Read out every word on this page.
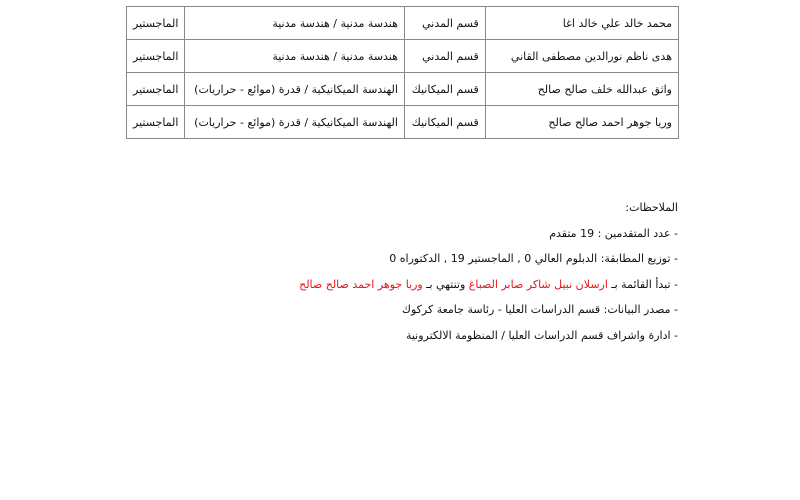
محمد خالد علي خالد اغا	قسم المدني	هندسة مدنية / هندسة مدنية	الماجستير
هدى ناظم نورالدين مصطفى القاني	قسم المدني	هندسة مدنية / هندسة مدنية	الماجستير
واثق عبدالله خلف صالح صالح	قسم الميكانيك	الهندسة الميكانيكية / قدرة (موائع - حراريات)	الماجستير
وريا جوهر احمد صالح صالح	قسم الميكانيك	الهندسة الميكانيكية / قدرة (موائع - حراريات)	الماجستير
الملاحظات:
- عدد المتقدمين : 19 متقدم
- توزيع المطابقة: الدبلوم العالي 0 , الماجستير 19 , الدكتوراه 0
- تبدأ القائمة بـ ارسلان نبيل شاكر صابر الصباغ وتنتهي بـ وريا جوهر احمد صالح صالح
- مصدر البيانات: قسم الدراسات العليا - رئاسة جامعة كركوك
- ادارة واشراف قسم الدراسات العليا / المنظومة الالكترونية
